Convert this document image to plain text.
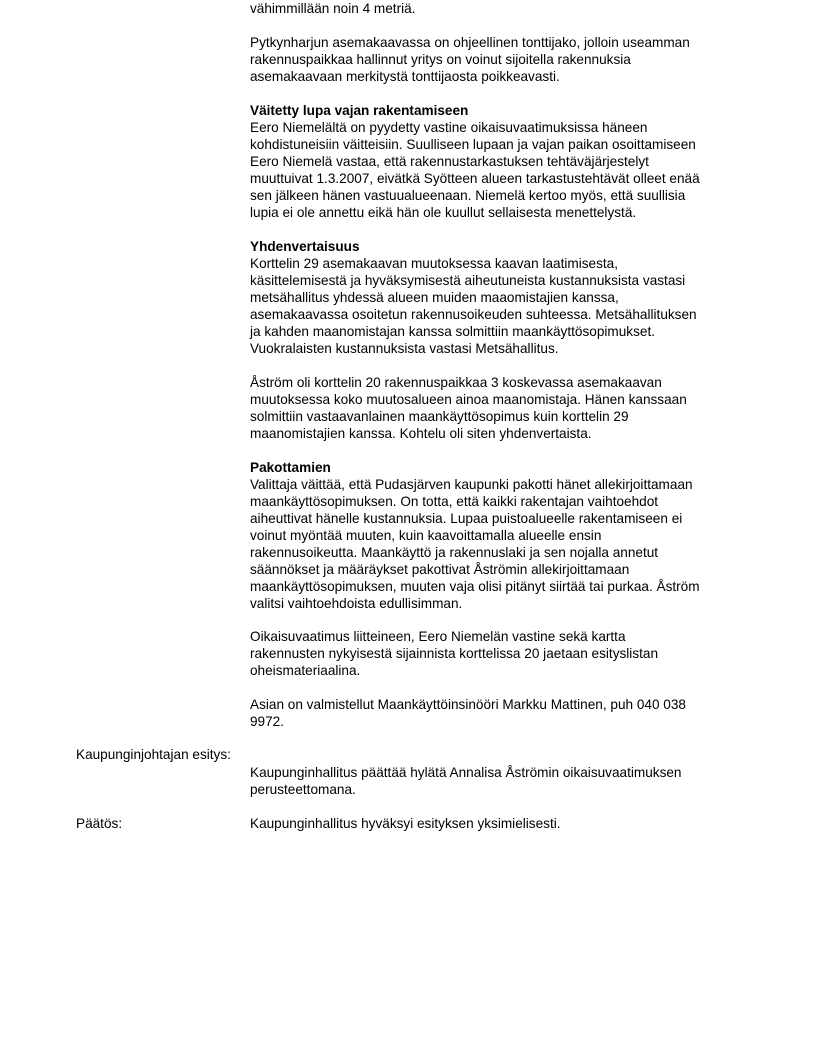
vähimmillään noin 4 metriä.

Pytkynharjun asemakaavassa on ohjeellinen tonttijako, jolloin useamman
rakennuspaikkaa hallinnut yritys on voinut sijoitella rakennuksia
asemakaavaan merkitystä tonttijaosta poikkeavasti.

Väitetty lupa vajan rakentamiseen
Eero Niemelältä on pyydetty vastine oikaisuvaatimuksissa häneen
kohdistuneisiin väitteisiin. Suulliseen lupaan ja vajan paikan osoittamiseen
Eero Niemelä vastaa, että rakennustarkastuksen tehtäväjärjestelyt
muuttuivat 1.3.2007, eivätkä Syötteen alueen tarkastustehtävät olleet enää
sen jälkeen hänen vastuualueenaan. Niemelä kertoo myös, että suullisia
lupia ei ole annettu eikä hän ole kuullut sellaisesta menettelystä.
Yhdenvertaisuus
Korttelin 29 asemakaavan muutoksessa kaavan laatimisesta,
käsittelemisestä ja hyväksymisestä aiheutuneista kustannuksista vastasi
metsähallitus yhdessä alueen muiden maaomistajien kanssa,
asemakaavassa osoitetun rakennusoikeuden suhteessa. Metsähallituksen
ja kahden maanomistajan kanssa solmittiin maankäyttösopimukset.
Vuokralaisten kustannuksista vastasi Metsähallitus.

Åström oli korttelin 20 rakennuspaikkaa 3 koskevassa asemakaavan
muutoksessa koko muutosalueen ainoa maanomistaja. Hänen kanssaan
solmittiin vastaavanlainen maankäyttösopimus kuin korttelin 29
maanomistajien kanssa. Kohtelu oli siten yhdenvertaista.

Pakottamien
Valittaja väittää, että Pudasjärven kaupunki pakotti hänet allekirjoittamaan
maankäyttösopimuksen. On totta, että kaikki rakentajan vaihtoehdot
aiheuttivat hänelle kustannuksia. Lupaa puistoalueelle rakentamiseen ei
voinut myöntää muuten, kuin kaavoittamalla alueelle ensin
rakennusoikeutta. Maankäyttö ja rakennuslaki ja sen nojalla annetut
säännökset ja määräykset pakottivat Åströmin allekirjoittamaan
maankäyttösopimuksen, muuten vaja olisi pitänyt siirtää tai purkaa. Åström
valitsi vaihtoehdoista edullisimman.

Oikaisuvaatimus liitteineen, Eero Niemelän vastine sekä kartta
rakennusten nykyisestä sijainnista korttelissa 20 jaetaan esityslistan
oheismateriaalina.

Asian on valmistellut Maankäyttöinsinööri Markku Mattinen, puh 040 038
9972.

Kaupunginjohtajan esitys:

Kaupunginhallitus päättää hylätä Annalisa Åströmin oikaisuvaatimuksen
perusteettomana.

Päätös:	Kaupunginhallitus hyväksyi esityksen yksimielisesti.
